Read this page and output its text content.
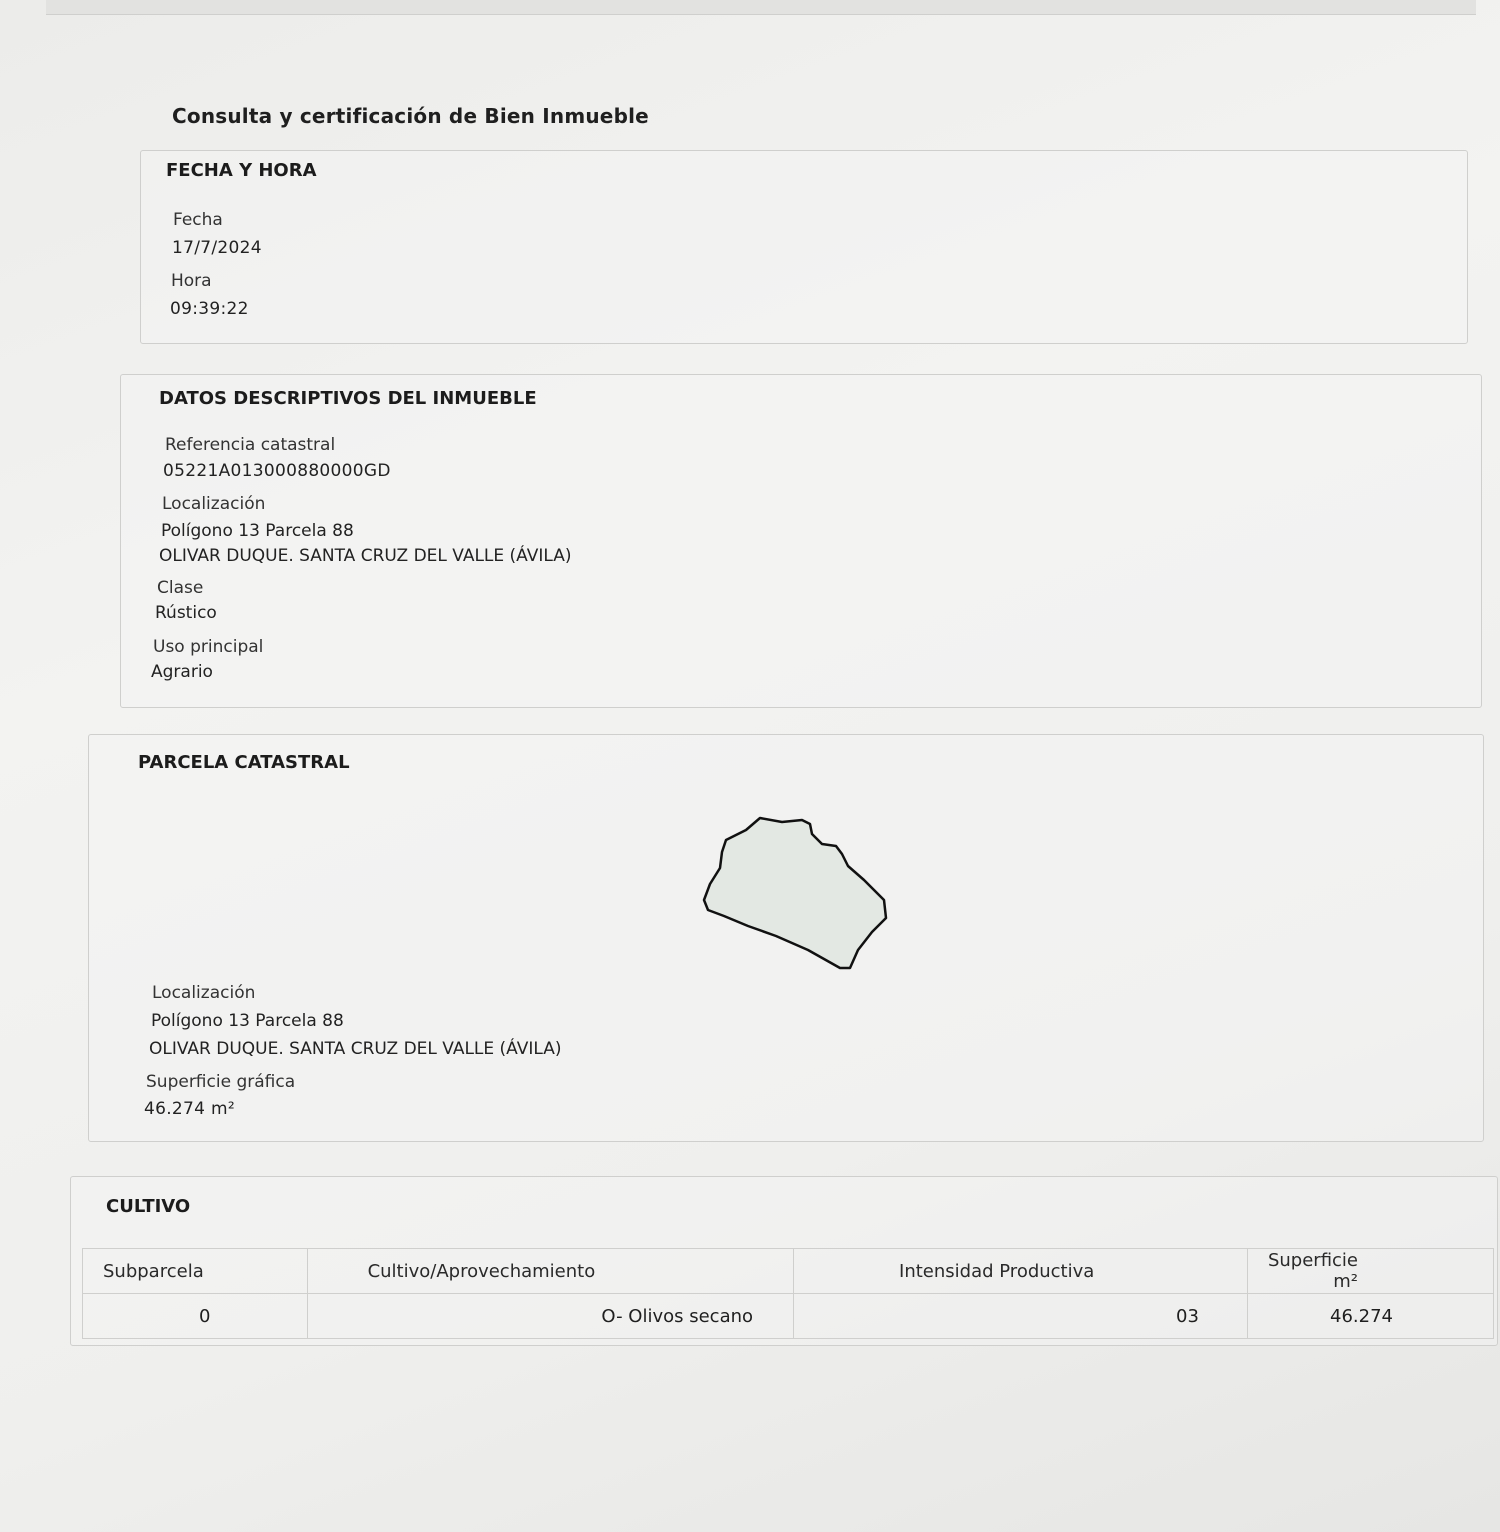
Consulta y certificación de Bien Inmueble
FECHA Y HORA
Fecha
17/7/2024
Hora
09:39:22
DATOS DESCRIPTIVOS DEL INMUEBLE
Referencia catastral
05221A013000880000GD
Localización
Polígono 13 Parcela 88
OLIVAR DUQUE. SANTA CRUZ DEL VALLE (ÁVILA)
Clase
Rústico
Uso principal
Agrario
PARCELA CATASTRAL
Localización
Polígono 13 Parcela 88
OLIVAR DUQUE. SANTA CRUZ DEL VALLE (ÁVILA)
Superficie gráfica
46.274 m²
CULTIVO
Subparcela	Cultivo/Aprovechamiento	Intensidad Productiva	Superficie m²
0	O- Olivos secano	03	46.274
